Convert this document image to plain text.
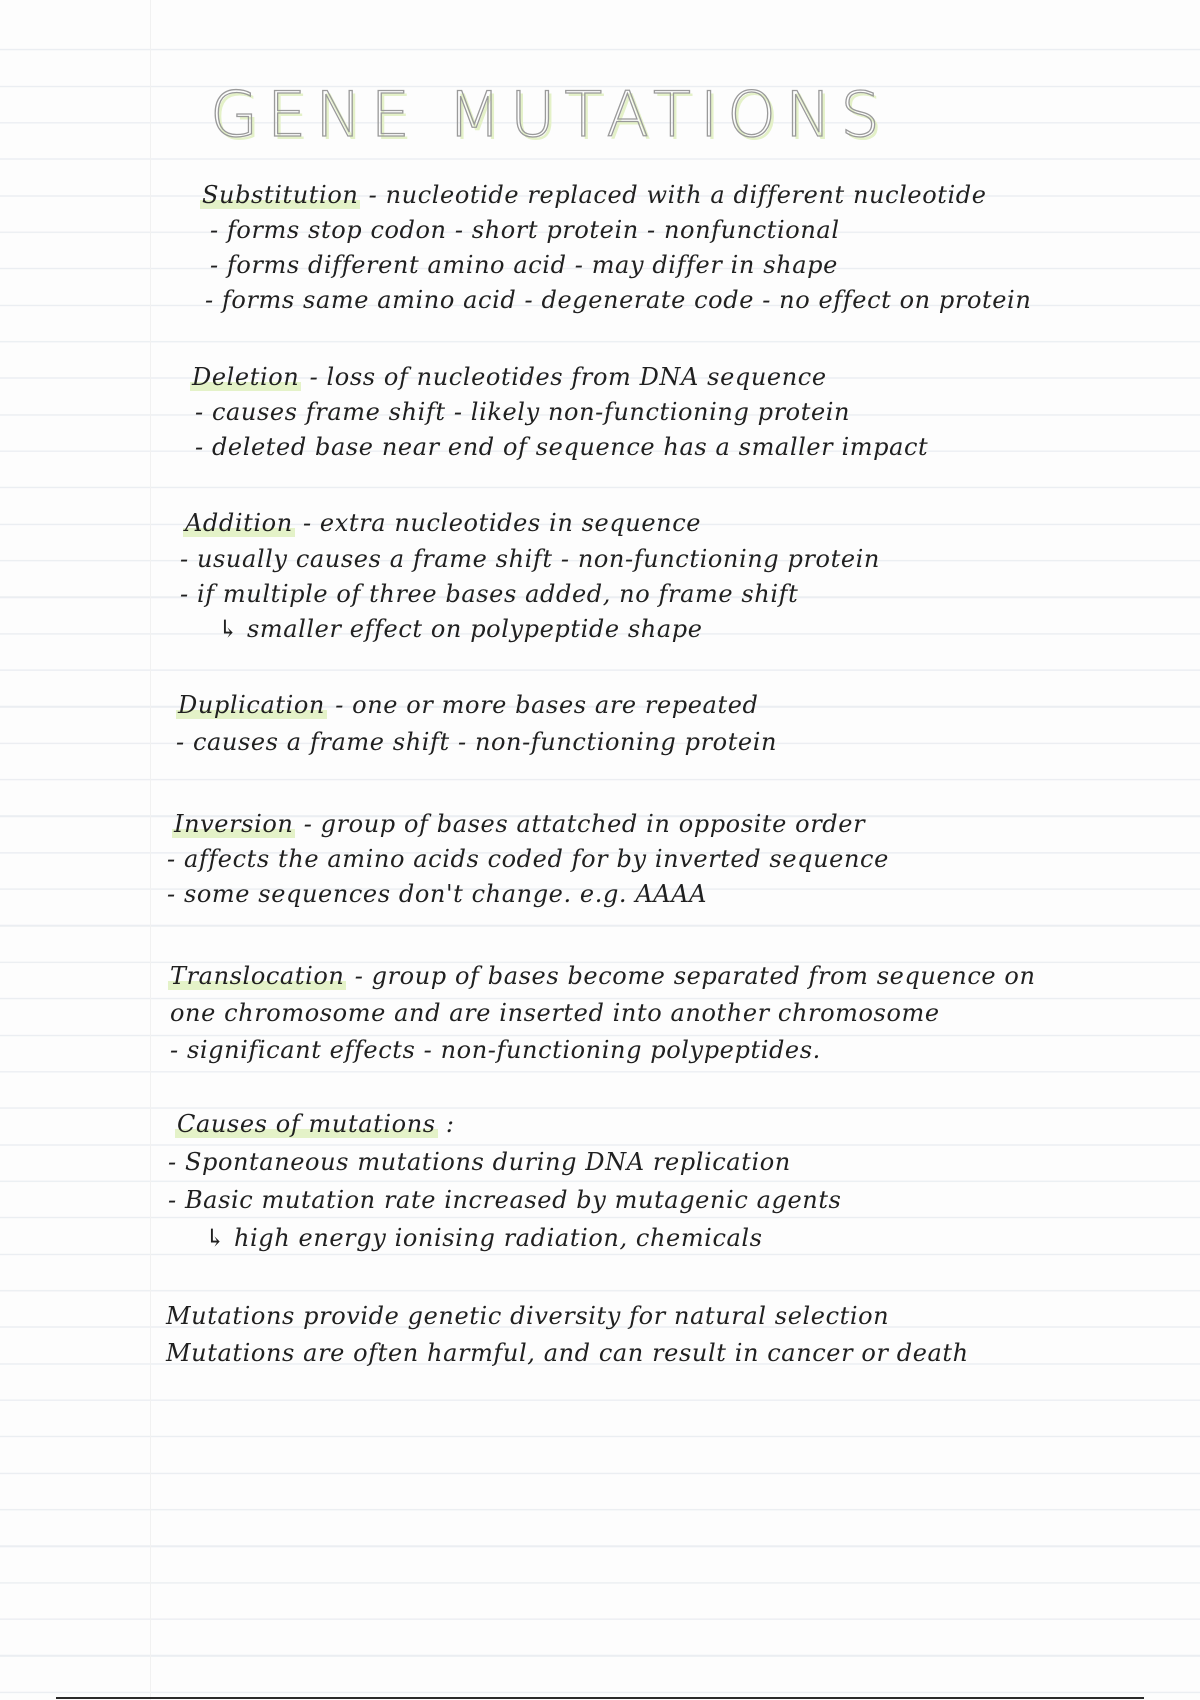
GENE MUTATIONS
Substitution - nucleotide replaced with a different nucleotide
- forms stop codon - short protein - nonfunctional
- forms different amino acid - may differ in shape
- forms same amino acid - degenerate code - no effect on protein
Deletion - loss of nucleotides from DNA sequence
- causes frame shift - likely non-functioning protein
- deleted base near end of sequence has a smaller impact
Addition - extra nucleotides in sequence
- usually causes a frame shift - non-functioning protein
- if multiple of three bases added, no frame shift
↳ smaller effect on polypeptide shape
Duplication - one or more bases are repeated
- causes a frame shift - non-functioning protein
Inversion - group of bases attatched in opposite order
- affects the amino acids coded for by inverted sequence
- some sequences don't change. e.g. AAAA
Translocation - group of bases become separated from sequence on
one chromosome and are inserted into another chromosome
- significant effects - non-functioning polypeptides.
Causes of mutations :
- Spontaneous mutations during DNA replication
- Basic mutation rate increased by mutagenic agents
↳ high energy ionising radiation, chemicals
Mutations provide genetic diversity for natural selection
Mutations are often harmful, and can result in cancer or death
